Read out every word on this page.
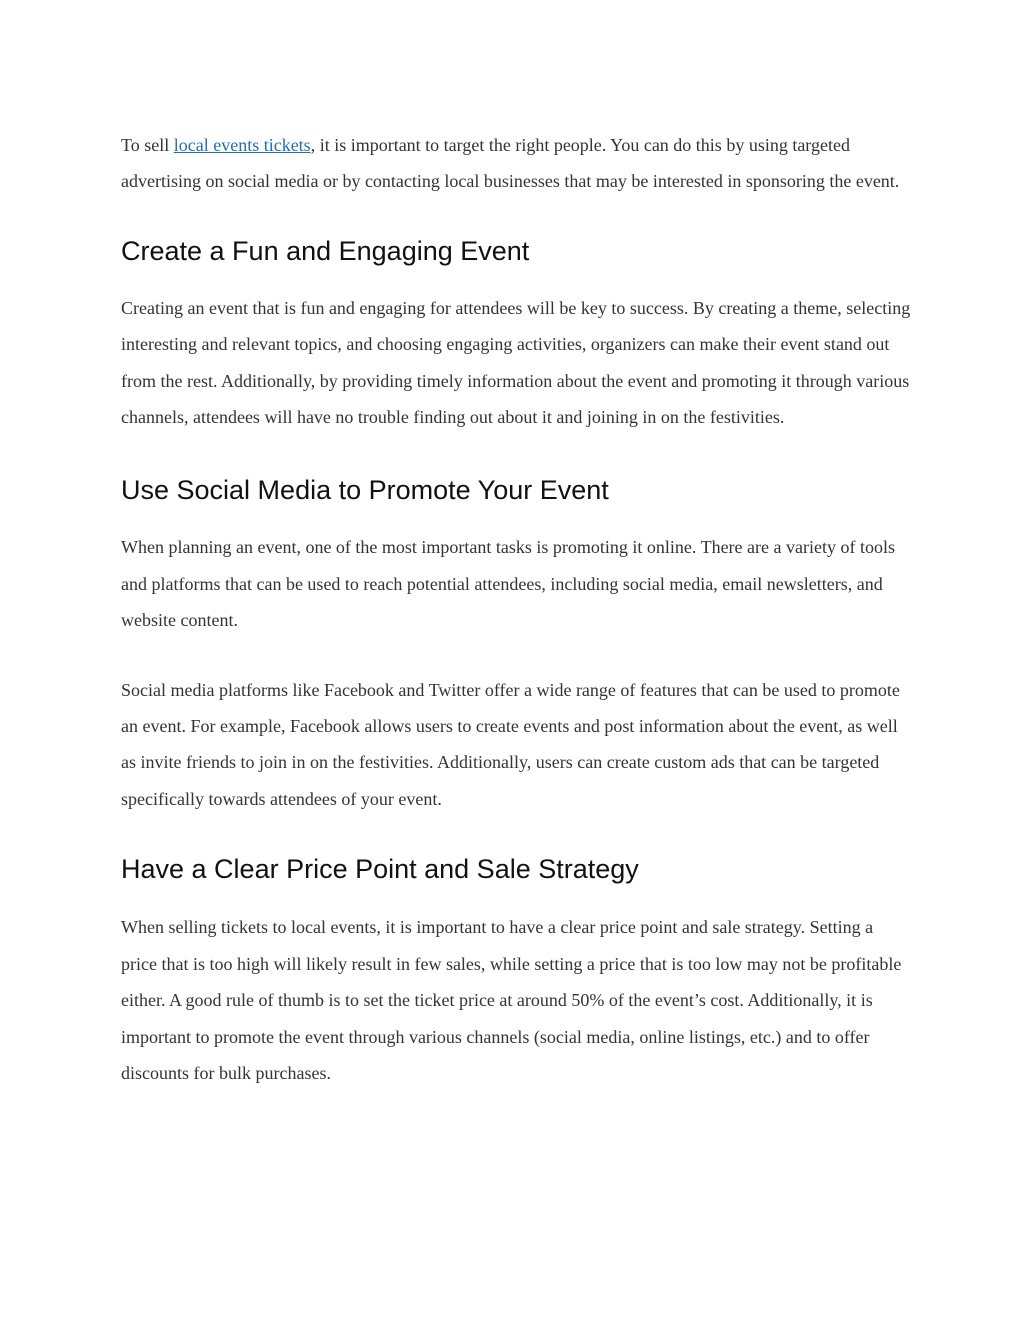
To sell local events tickets, it is important to target the right people. You can do this by using targeted advertising on social media or by contacting local businesses that may be interested in sponsoring the event.

Create a Fun and Engaging Event

Creating an event that is fun and engaging for attendees will be key to success. By creating a theme, selecting interesting and relevant topics, and choosing engaging activities, organizers can make their event stand out from the rest. Additionally, by providing timely information about the event and promoting it through various channels, attendees will have no trouble finding out about it and joining in on the festivities.

Use Social Media to Promote Your Event

When planning an event, one of the most important tasks is promoting it online. There are a variety of tools and platforms that can be used to reach potential attendees, including social media, email newsletters, and website content.

Social media platforms like Facebook and Twitter offer a wide range of features that can be used to promote an event. For example, Facebook allows users to create events and post information about the event, as well as invite friends to join in on the festivities. Additionally, users can create custom ads that can be targeted specifically towards attendees of your event.

Have a Clear Price Point and Sale Strategy

When selling tickets to local events, it is important to have a clear price point and sale strategy. Setting a price that is too high will likely result in few sales, while setting a price that is too low may not be profitable either. A good rule of thumb is to set the ticket price at around 50% of the event’s cost. Additionally, it is important to promote the event through various channels (social media, online listings, etc.) and to offer discounts for bulk purchases.
